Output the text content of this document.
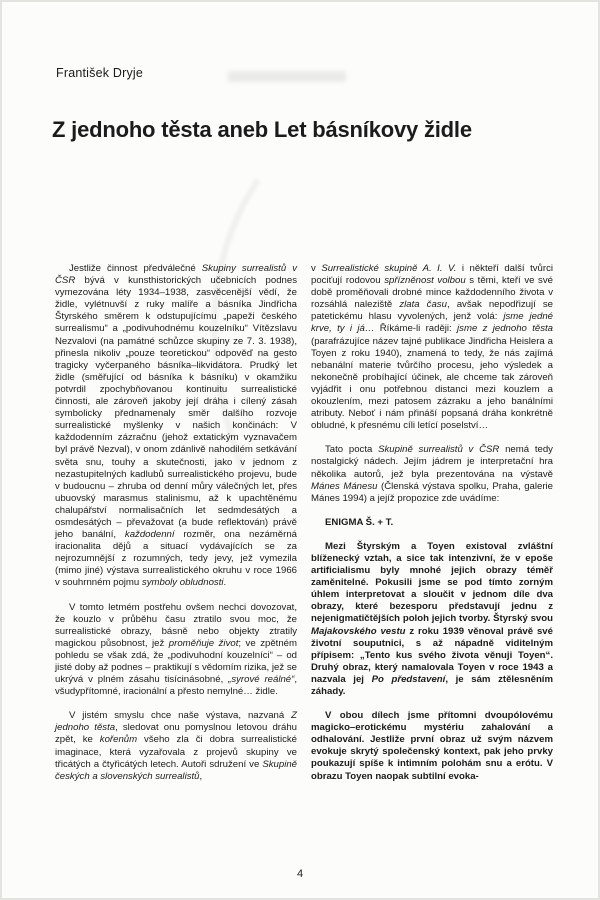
František Dryje
Z jednoho těsta aneb Let básníkovy židle

Jestliže činnost předválečné Skupiny surrealistů v ČSR bývá v kunsthistorických učebnicích podnes vymezována léty 1934–1938, zasvěcenější vědí, že židle, vylétnuvší z ruky malíře a básníka Jindřicha Štyrského směrem k odstupujícímu „papeži českého surrealismu“ a „podivuhodnému kouzelníku“ Vítězslavu Nezvalovi (na památné schůzce skupiny ze 7. 3. 1938), přinesla nikoliv „pouze teoretickou“ odpověď na gesto tragicky vyčerpaného básníka–likvidátora. Prudký let židle (směřující od básníka k básníku) v okamžiku potvrdil zpochybňovanou kontinuitu surrealistické činnosti, ale zároveň jakoby její dráha i cílený zásah symbolicky přednamenaly směr dalšího rozvoje surrealistické myšlenky v našich končinách: V každodenním zázračnu (jehož extatickým vyznavačem byl právě Nezval), v onom zdánlivě nahodilém setkávání světa snu, touhy a skutečnosti, jako v jednom z nezastupitelných kadlubů surrealistického projevu, bude v budoucnu – zhruba od denní můry válečných let, přes ubuovský marasmus stalinismu, až k upachtěnému chalupářství normalisačních let sedmdesátých a osmdesátých – převažovat (a bude reflektován) právě jeho banální, každodenní rozměr, ona nezáměrná iracionalita dějů a situací vydávajících se za nejrozumnější z rozumných, tedy jevy, jež vymezila (mimo jiné) výstava surrealistického okruhu v roce 1966 v souhrnném pojmu symboly obludnosti.

V tomto letmém postřehu ovšem nechci dovozovat, že kouzlo v průběhu času ztratilo svou moc, že surrealistické obrazy, básně nebo objekty ztratily magickou působnost, jež proměňuje život; ve zpětném pohledu se však zdá, že „podivuhodní kouzelníci“ – od jisté doby až podnes – praktikují s vědomím rizika, jež se ukrývá v plném zásahu tisícinásobné, „syrové reálné“, všudypřítomné, iracionální a přesto nemylné… židle.

V jistém smyslu chce naše výstava, nazvaná Z jednoho těsta, sledovat onu pomyslnou letovou dráhu zpět, ke kořenům všeho zla či dobra surrealistické imaginace, která vyzařovala z projevů skupiny ve třicátých a čtyřicátých letech. Autoři sdružení ve Skupině českých a slovenských surrealistů,

v Surrealistické skupině A. I. V. i někteří další tvůrci pociťují rodovou spřízněnost volbou s těmi, kteří ve své době proměňovali drobné mince každodenního života v rozsáhlá naleziště zlata času, avšak nepodřizují se patetickému hlasu vyvolených, jenž volá: jsme jedné krve, ty i já… Říkáme-li raději: jsme z jednoho těsta (parafrázujíce název tajné publikace Jindřicha Heislera a Toyen z roku 1940), znamená to tedy, že nás zajímá nebanální materie tvůrčího procesu, jeho výsledek a nekonečně probíhající účinek, ale chceme tak zároveň vyjádřit i onu potřebnou distanci mezi kouzlem a okouzlením, mezi patosem zázraku a jeho banálními atributy. Neboť i nám přináší popsaná dráha konkrétně obludné, k přesnému cíli letící poselství…

Tato pocta Skupině surrealistů v ČSR nemá tedy nostalgický nádech. Jejím jádrem je interpretační hra několika autorů, jež byla prezentována na výstavě Mánes Mánesu (Členská výstava spolku, Praha, galerie Mánes 1994) a jejíž propozice zde uvádíme:

ENIGMA Š. + T.

Mezi Štyrským a Toyen existoval zvláštní blíženecký vztah, a sice tak intenzivní, že v epoše artificialismu byly mnohé jejich obrazy téměř zaměnitelné. Pokusili jsme se pod tímto zorným úhlem interpretovat a sloučit v jednom díle dva obrazy, které bezesporu představují jednu z nejenigmatičtějších poloh jejich tvorby. Štyrský svou Majakovského vestu z roku 1939 věnoval právě své životní souputnici, s až nápadně viditelným přípisem: „Tento kus svého života věnuji Toyen“. Druhý obraz, který namalovala Toyen v roce 1943 a nazvala jej Po představení, je sám ztělesněním záhady.

V obou dílech jsme přítomni dvoupólovému magicko–erotickému mystériu zahalování a odhalování. Jestliže první obraz už svým názvem evokuje skrytý společenský kontext, pak jeho prvky poukazují spíše k intimním polohám snu a erótu. V obrazu Toyen naopak subtilní evoka-

4
